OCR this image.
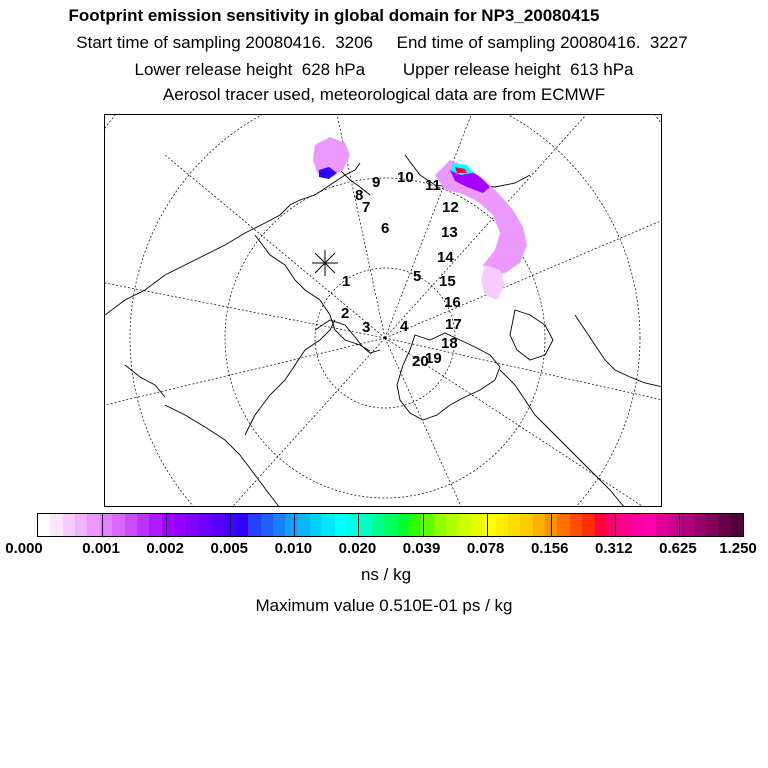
Footprint emission sensitivity in global domain for NP3_20080415
Start time of sampling 20080416.  3206     End time of sampling 20080416.  3227
Lower release height  628 hPa        Upper release height  613 hPa
Aerosol tracer used, meteorological data are from ECMWF
1
2
3 4
5
6
7
8
9 10 11
12
13
14
15
16
17
18
19
20
0.000	0.001 0.002 0.005 0.010 0.020 0.039 0.078 0.156 0.312 0.625 1.250
ns / kg
Maximum value 0.510E-01 ps / kg
